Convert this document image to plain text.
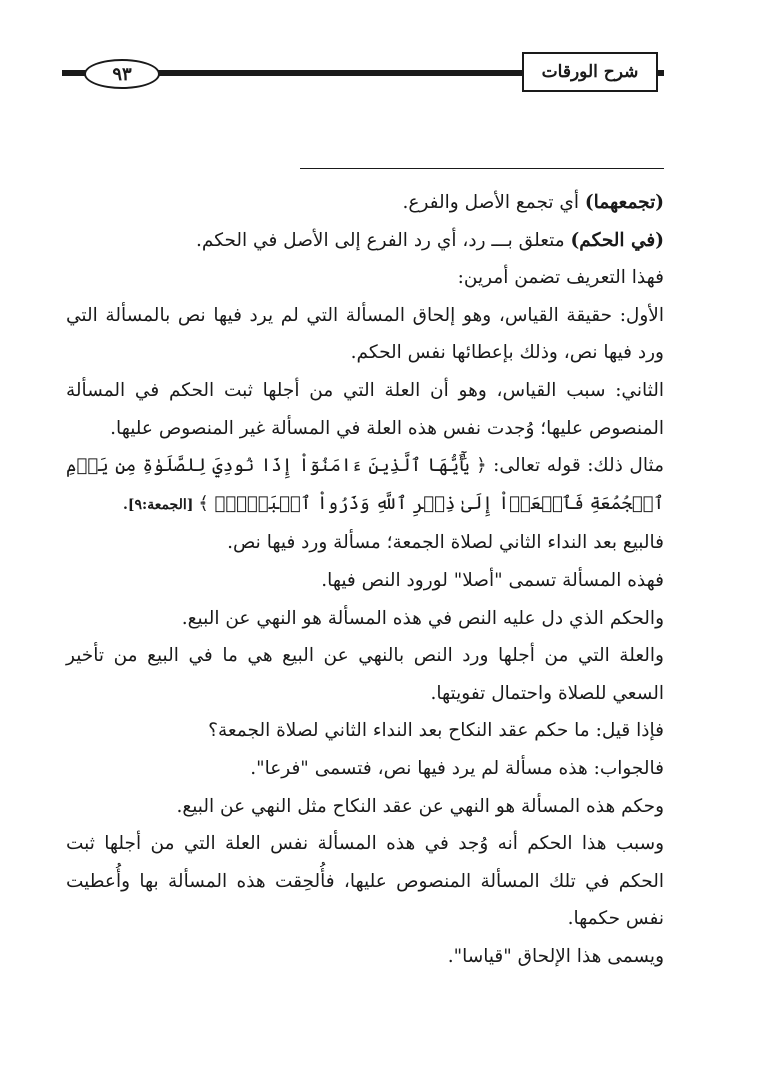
٩٣	شرح الورقات

(تجمعهما) أي تجمع الأصل والفرع.

(في الحكم) متعلق بـــ رد، أي رد الفرع إلى الأصل في الحكم.

فهذا التعريف تضمن أمرين:

الأول: حقيقة القياس، وهو إلحاق المسألة التي لم يرد فيها نص بالمسألة التي ورد فيها نص، وذلك بإعطائها نفس الحكم.

الثاني: سبب القياس، وهو أن العلة التي من أجلها ثبت الحكم في المسألة المنصوص عليها؛ وُجدت نفس هذه العلة في المسألة غير المنصوص عليها.

مثال ذلك: قوله تعالى: ﴿ يَٰٓأَيُّهَا ٱلَّذِينَ ءَامَنُوٓاْ إِذَا نُودِيَ لِلصَّلَوٰةِ مِن يَوۡمِ ٱلۡجُمُعَةِ فَٱسۡعَوۡاْ إِلَىٰ ذِكۡرِ ٱللَّهِ وَذَرُواْ ٱلۡبَيۡعَۚ ﴾ [الجمعة:٩].

فالبيع بعد النداء الثاني لصلاة الجمعة؛ مسألة ورد فيها نص.

فهذه المسألة تسمى "أصلا" لورود النص فيها.

والحكم الذي دل عليه النص في هذه المسألة هو النهي عن البيع.

والعلة التي من أجلها ورد النص بالنهي عن البيع هي ما في البيع من تأخير السعي للصلاة واحتمال تفويتها.

فإذا قيل: ما حكم عقد النكاح بعد النداء الثاني لصلاة الجمعة؟

فالجواب: هذه مسألة لم يرد فيها نص، فتسمى "فرعا".

وحكم هذه المسألة هو النهي عن عقد النكاح مثل النهي عن البيع.

وسبب هذا الحكم أنه وُجد في هذه المسألة نفس العلة التي من أجلها ثبت الحكم في تلك المسألة المنصوص عليها، فأُلحِقت هذه المسألة بها وأُعطيت نفس حكمها.

ويسمى هذا الإلحاق "قياسا".
